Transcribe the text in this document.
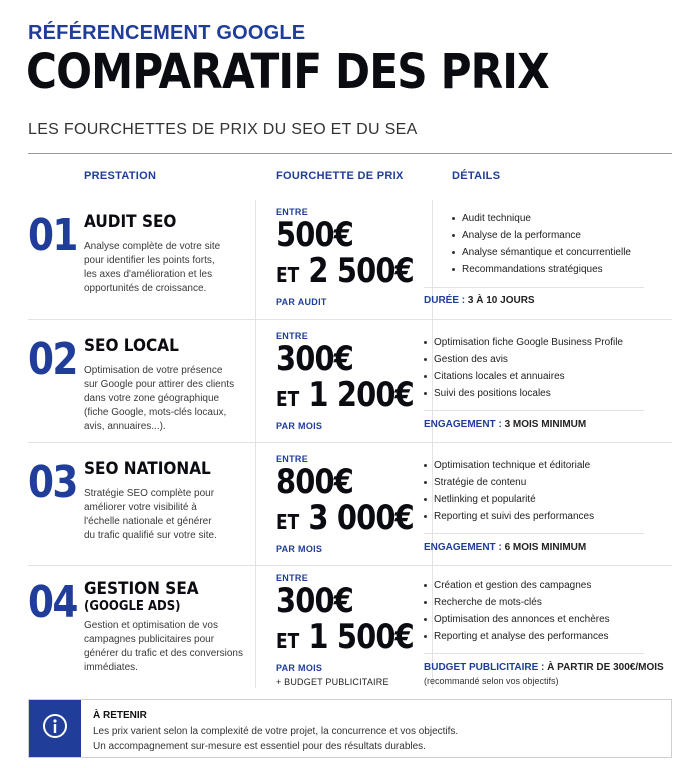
RÉFÉRENCEMENT GOOGLE
COMPARATIF DES PRIX
LES FOURCHETTES DE PRIX DU SEO ET DU SEA
PRESTATION	FOURCHETTE DE PRIX	DÉTAILS
01 AUDIT SEO
Analyse complète de votre site
pour identifier les points forts,
les axes d'amélioration et les
opportunités de croissance.
ENTRE
500€
ET 2 500€
PAR AUDIT
Audit technique
Analyse de la performance
Analyse sémantique et concurrentielle
Recommandations stratégiques
DURÉE : 3 À 10 JOURS
02 SEO LOCAL
Optimisation de votre présence
sur Google pour attirer des clients
dans votre zone géographique
(fiche Google, mots-clés locaux,
avis, annuaires...).
ENTRE
300€
ET 1 200€
PAR MOIS
Optimisation fiche Google Business Profile
Gestion des avis
Citations locales et annuaires
Suivi des positions locales
ENGAGEMENT : 3 MOIS MINIMUM
03 SEO NATIONAL
Stratégie SEO complète pour
améliorer votre visibilité à
l'échelle nationale et générer
du trafic qualifié sur votre site.
ENTRE
800€
ET 3 000€
PAR MOIS
Optimisation technique et éditoriale
Stratégie de contenu
Netlinking et popularité
Reporting et suivi des performances
ENGAGEMENT : 6 MOIS MINIMUM
04 GESTION SEA
(GOOGLE ADS)
Gestion et optimisation de vos
campagnes publicitaires pour
générer du trafic et des conversions
immédiates.
ENTRE
300€
ET 1 500€
PAR MOIS
+ BUDGET PUBLICITAIRE
Création et gestion des campagnes
Recherche de mots-clés
Optimisation des annonces et enchères
Reporting et analyse des performances
BUDGET PUBLICITAIRE : À PARTIR DE 300€/MOIS
(recommandé selon vos objectifs)
À RETENIR
Les prix varient selon la complexité de votre projet, la concurrence et vos objectifs.
Un accompagnement sur-mesure est essentiel pour des résultats durables.
